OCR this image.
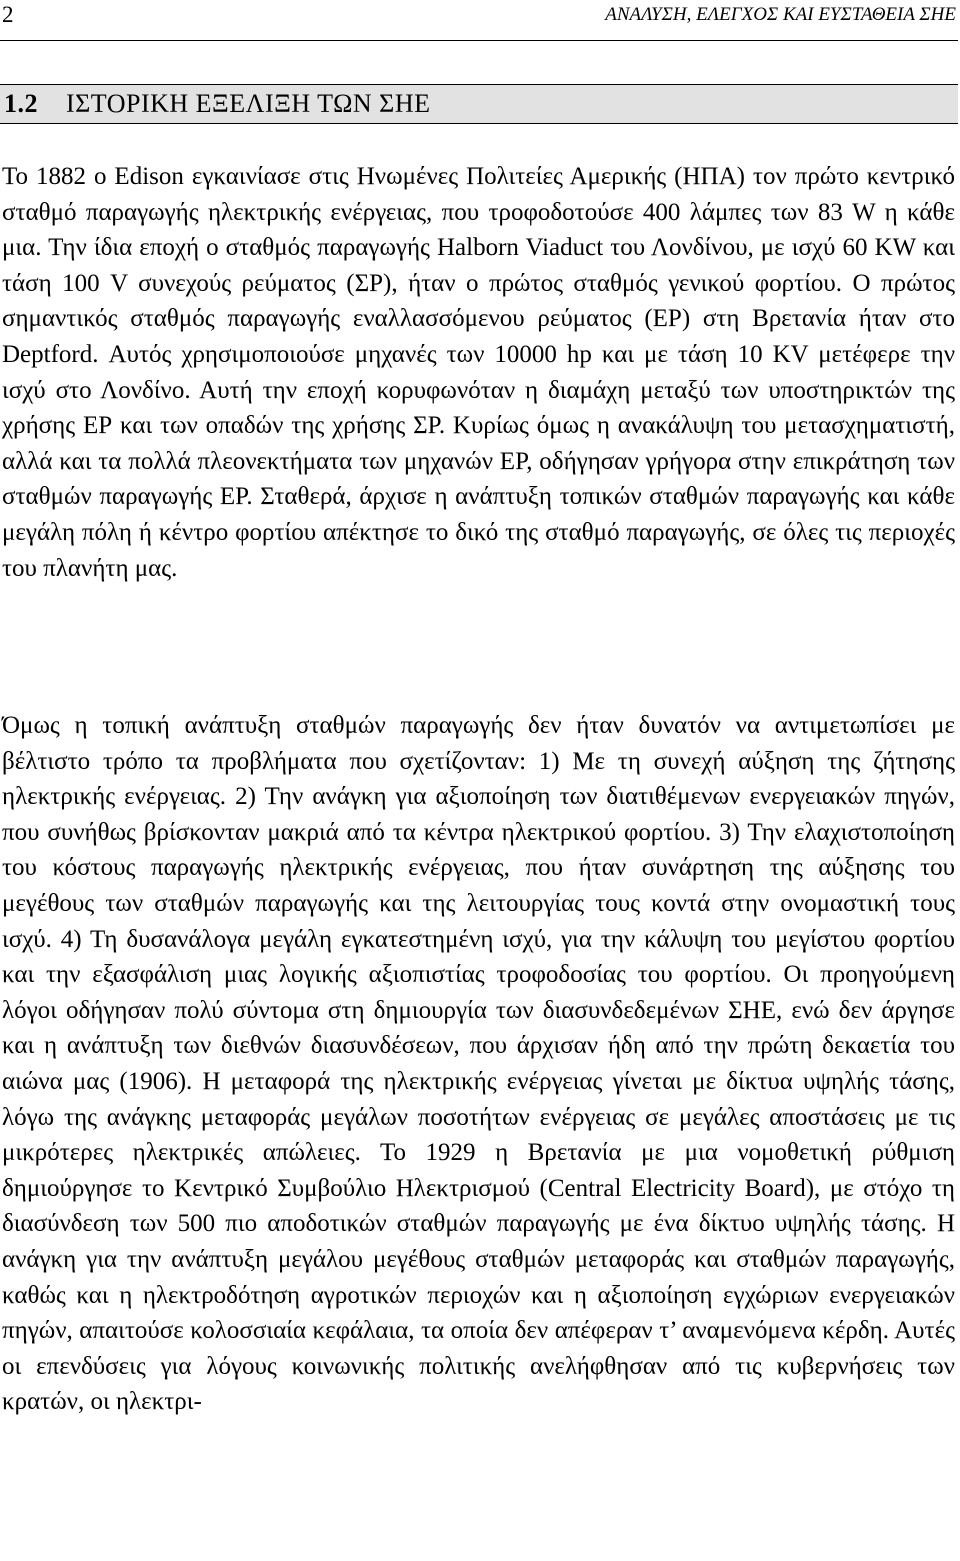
2	ΑΝΑΛΥΣΗ, ΕΛΕΓΧΟΣ ΚΑΙ ΕΥΣΤΑΘΕΙΑ ΣΗΕ
1.2 ΙΣΤΟΡΙΚΗ ΕΞΕΛΙΞΗ ΤΩΝ ΣΗΕ

Το 1882 ο Edison εγκαινίασε στις Ηνωμένες Πολιτείες Αμερικής (ΗΠΑ) τον πρώτο κεντρικό σταθμό παραγωγής ηλεκτρικής ενέργειας, που τροφοδοτούσε 400 λάμπες των 83 W η κάθε μια. Την ίδια εποχή ο σταθμός παραγωγής Halborn Viaduct του Λονδίνου, με ισχύ 60 KW και τάση 100 V συνεχούς ρεύματος (ΣΡ), ήταν ο πρώτος σταθμός γενικού φορτίου. Ο πρώτος σημαντικός σταθμός παραγωγής εναλλασσόμενου ρεύματος (ΕΡ) στη Βρετανία ήταν στο Deptford. Αυτός χρησιμοποιούσε μηχανές των 10000 hp και με τάση 10 KV μετέφερε την ισχύ στο Λονδίνο. Αυτή την εποχή κορυφωνόταν η διαμάχη μεταξύ των υποστηρικτών της χρήσης ΕΡ και των οπαδών της χρήσης ΣΡ. Κυρίως όμως η ανακάλυψη του μετασχηματιστή, αλλά και τα πολλά πλεονεκτήματα των μηχανών ΕΡ, οδήγησαν γρήγορα στην επικράτηση των σταθμών παραγωγής ΕΡ. Σταθερά, άρχισε η ανάπτυξη τοπικών σταθμών παραγωγής και κάθε μεγάλη πόλη ή κέντρο φορτίου απέκτησε το δικό της σταθμό παραγωγής, σε όλες τις περιοχές του πλανήτη μας.

Όμως η τοπική ανάπτυξη σταθμών παραγωγής δεν ήταν δυνατόν να αντιμετωπίσει με βέλτιστο τρόπο τα προβλήματα που σχετίζονταν: 1) Με τη συνεχή αύξηση της ζήτησης ηλεκτρικής ενέργειας. 2) Την ανάγκη για αξιοποίηση των διατιθέμενων ενεργειακών πηγών, που συνήθως βρίσκονταν μακριά από τα κέντρα ηλεκτρικού φορτίου. 3) Την ελαχιστοποίηση του κόστους παραγωγής ηλεκτρικής ενέργειας, που ήταν συνάρτηση της αύξησης του μεγέθους των σταθμών παραγωγής και της λειτουργίας τους κοντά στην ονομαστική τους ισχύ. 4) Τη δυσανάλογα μεγάλη εγκατεστημένη ισχύ, για την κάλυψη του μεγίστου φορτίου και την εξασφάλιση μιας λογικής αξιοπιστίας τροφοδοσίας του φορτίου. Οι προηγούμενη λόγοι οδήγησαν πολύ σύντομα στη δημιουργία των διασυνδεδεμένων ΣΗΕ, ενώ δεν άργησε και η ανάπτυξη των διεθνών διασυνδέσεων, που άρχισαν ήδη από την πρώτη δεκαετία του αιώνα μας (1906). Η μεταφορά της ηλεκτρικής ενέργειας γίνεται με δίκτυα υψηλής τάσης, λόγω της ανάγκης μεταφοράς μεγάλων ποσοτήτων ενέργειας σε μεγάλες αποστάσεις με τις μικρότερες ηλεκτρικές απώλειες. Το 1929 η Βρετανία με μια νομοθετική ρύθμιση δημιούργησε το Κεντρικό Συμβούλιο Ηλεκτρισμού (Central Electricity Board), με στόχο τη διασύνδεση των 500 πιο αποδοτικών σταθμών παραγωγής με ένα δίκτυο υψηλής τάσης. Η ανάγκη για την ανάπτυξη μεγάλου μεγέθους σταθμών μεταφοράς και σταθμών παραγωγής, καθώς και η ηλεκτροδότηση αγροτικών περιοχών και η αξιοποίηση εγχώριων ενεργειακών πηγών, απαιτούσε κολοσσιαία κεφάλαια, τα οποία δεν απέφεραν τ’ αναμενόμενα κέρδη. Αυτές οι επενδύσεις για λόγους κοινωνικής πολιτικής ανελήφθησαν από τις κυβερνήσεις των κρατών, οι ηλεκτρι-
